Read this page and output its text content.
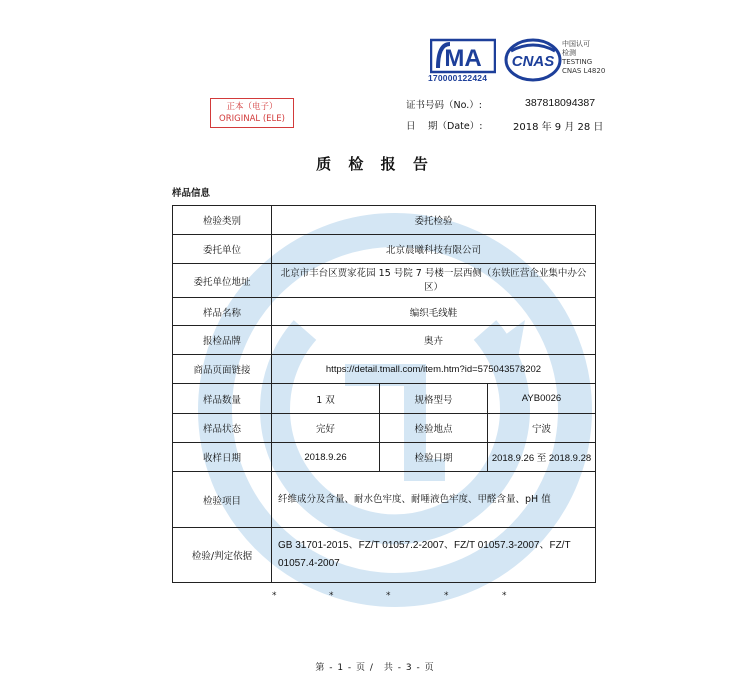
MA
170000122424
CNAS
中国认可
检测
TESTING
CNAS L4820
正本（电子）
ORIGINAL (ELE)
证书号码（No.）:	387818094387
日　 期（Date）:	2018 年 9 月 28 日
质 检 报 告
样品信息
检验类别	委托检验		
委托单位	北京晨曦科技有限公司		
委托单位地址	北京市丰台区贾家花园 15 号院 7 号楼一层西侧（东铁匠营企业集中办公区）		
样品名称	编织毛线鞋		
报检品牌	奥卉		
商品页面链接	https://detail.tmall.com/item.htm?id=575043578202		
样品数量	1 双	规格型号	AYB0026
样品状态	完好	检验地点	宁波
收样日期	2018.9.26	检验日期	2018.9.26 至 2018.9.28
检验项目	纤维成分及含量、耐水色牢度、耐唾液色牢度、甲醛含量、pH 值		
检验/判定依据	GB 31701-2015、FZ/T 01057.2-2007、FZ/T 01057.3-2007、FZ/T 01057.4-2007		
*	*	*	*	*
第 - 1 - 页 /　共 - 3 - 页
